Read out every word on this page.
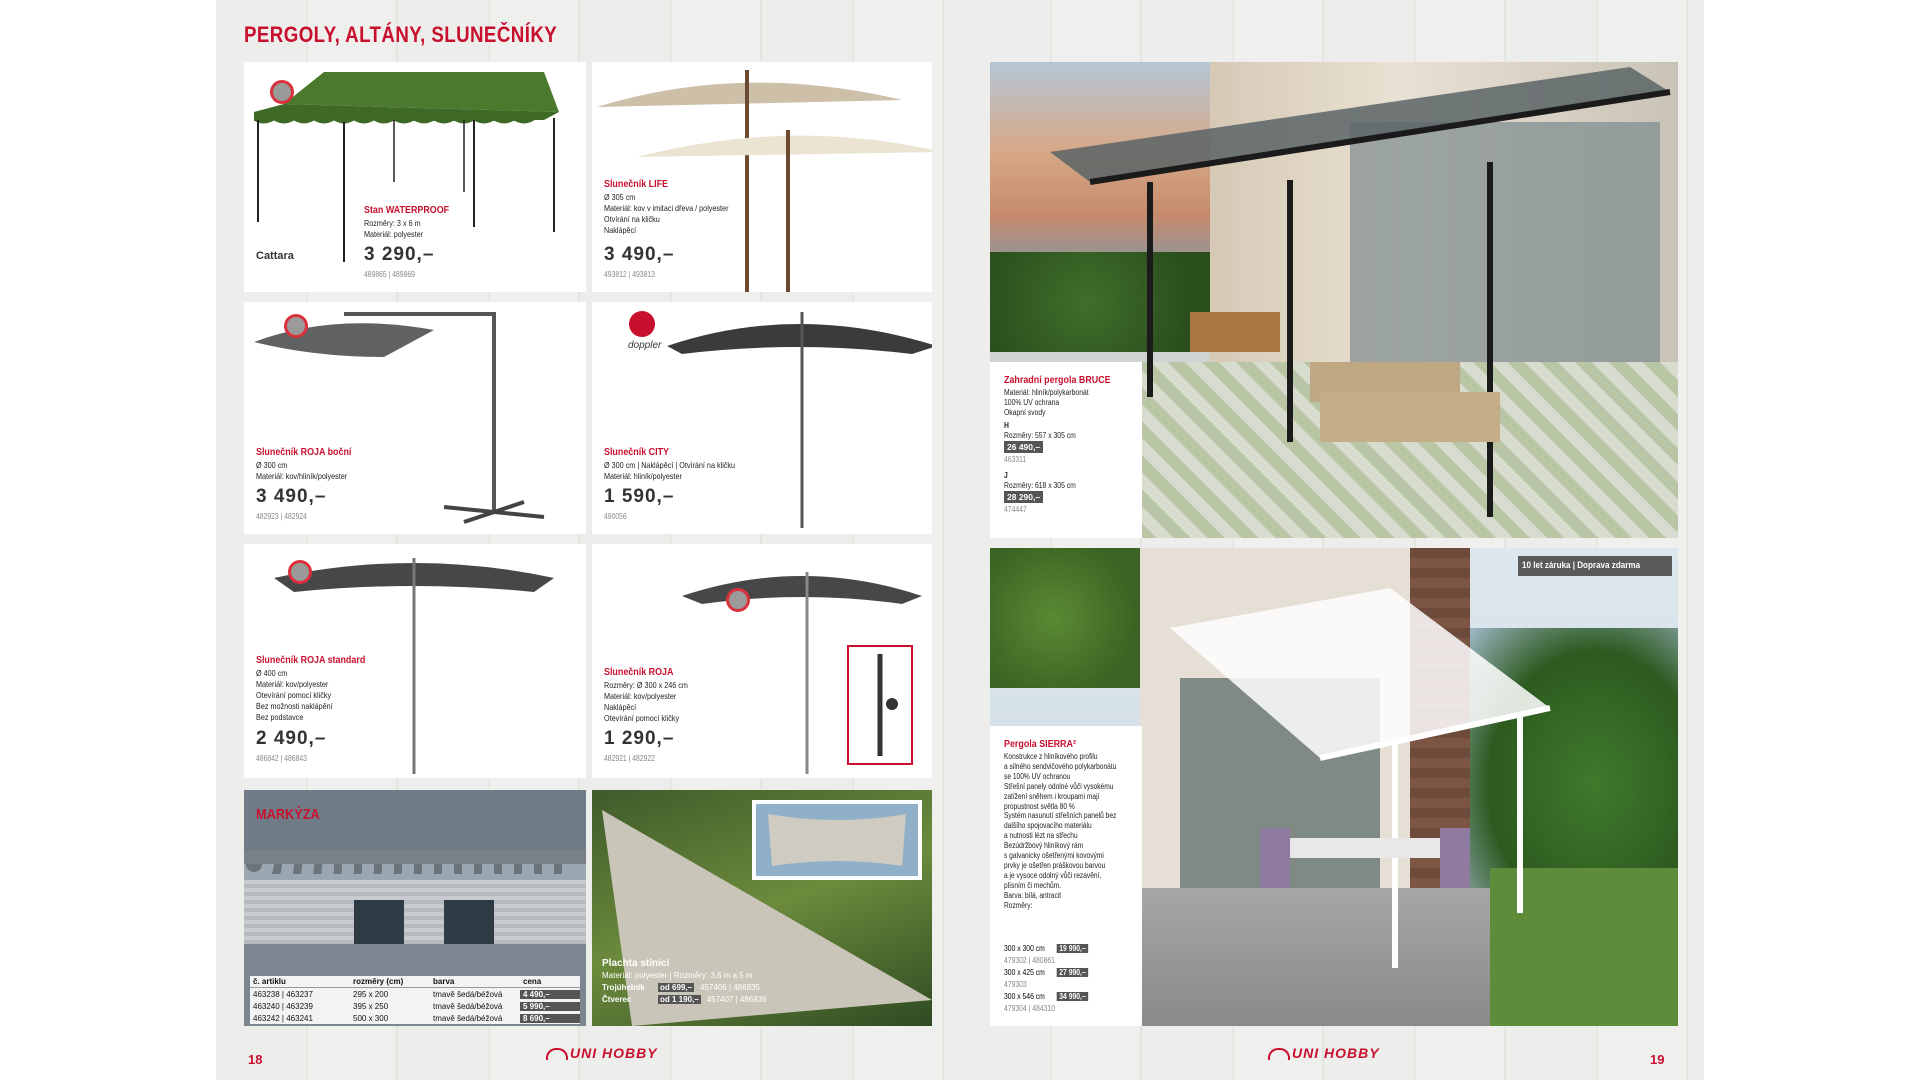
PERGOLY, ALTÁNY, SLUNEČNÍKY
Cattara
Stan WATERPROOF
Rozměry: 3 x 6 m
Materiál: polyester
3 290,–
489865 | 489869
Slunečník LIFE
Ø 305 cm
Materiál: kov v imitaci dřeva / polyester
Otvírání na kličku
Naklápěcí
3 490,–
493812 | 493813
Slunečník ROJA boční
Ø 300 cm
Materiál: kov/hliník/polyester
3 490,–
482923 | 482924
doppler
Slunečník CITY
Ø 300 cm | Naklápěcí | Otvírání na kličku
Materiál: hliník/polyester
1 590,–
490056
Slunečník ROJA standard
Ø 400 cm
Materiál: kov/polyester
Otevírání pomocí kličky
Bez možnosti naklápění
Bez podstavce
2 490,–
486842 | 486843
Slunečník ROJA
Rozměry: Ø 300 x 246 cm
Materiál: kov/polyester
Naklápěcí
Otevírání pomocí kličky
1 290,–
482921 | 482922
MARKÝZA
č. artiklu	rozměry (cm)	barva	cena
463238 | 463237	295 x 200	tmavě šedá/béžová	4 490,–
463240 | 463239	395 x 250	tmavě šedá/béžová	5 990,–
463242 | 463241	500 x 300	tmavě šedá/béžová	8 690,–
Plachta stínicí
Materiál: polyester | Rozměry: 3,6 m a 5 m
Trojúhelník	od 699,– 457406 | 486835
Čtverec	od 1 190,– 457407 | 486836
18	UNI HOBBY
Zahradní pergola BRUCE
Materiál: hliník/polykarbonát
100% UV ochrana
Okapní svody
H
Rozměry: 557 x 305 cm
26 490,–
463311
J
Rozměry: 618 x 305 cm
28 290,–
474447
10 let záruka | Doprava zdarma
Pergola SIERRA²
Konstrukce z hliníkového profilu
a silného sendvičového polykarbonátu
se 100% UV ochranou
Střešní panely odolné vůči vysokému
zatížení sněhem i kroupami mají
propustnost světla 80 %
Systém nasunutí střešních panelů bez
dalšího spojovacího materiálu
a nutnosti lézt na střechu
Bezúdržbový hliníkový rám
s galvanicky ošetřenými kovovými
prvky je ošetřen práškovou barvou
a je vysoce odolný vůči rezavění,
plísním či mechům.
Barva: bílá, antracit
Rozměry:
300 x 300 cm	19 990,–
479302 | 480861
300 x 425 cm	27 990,–
479303
300 x 546 cm	34 990,–
479304 | 484310
UNI HOBBY	19
